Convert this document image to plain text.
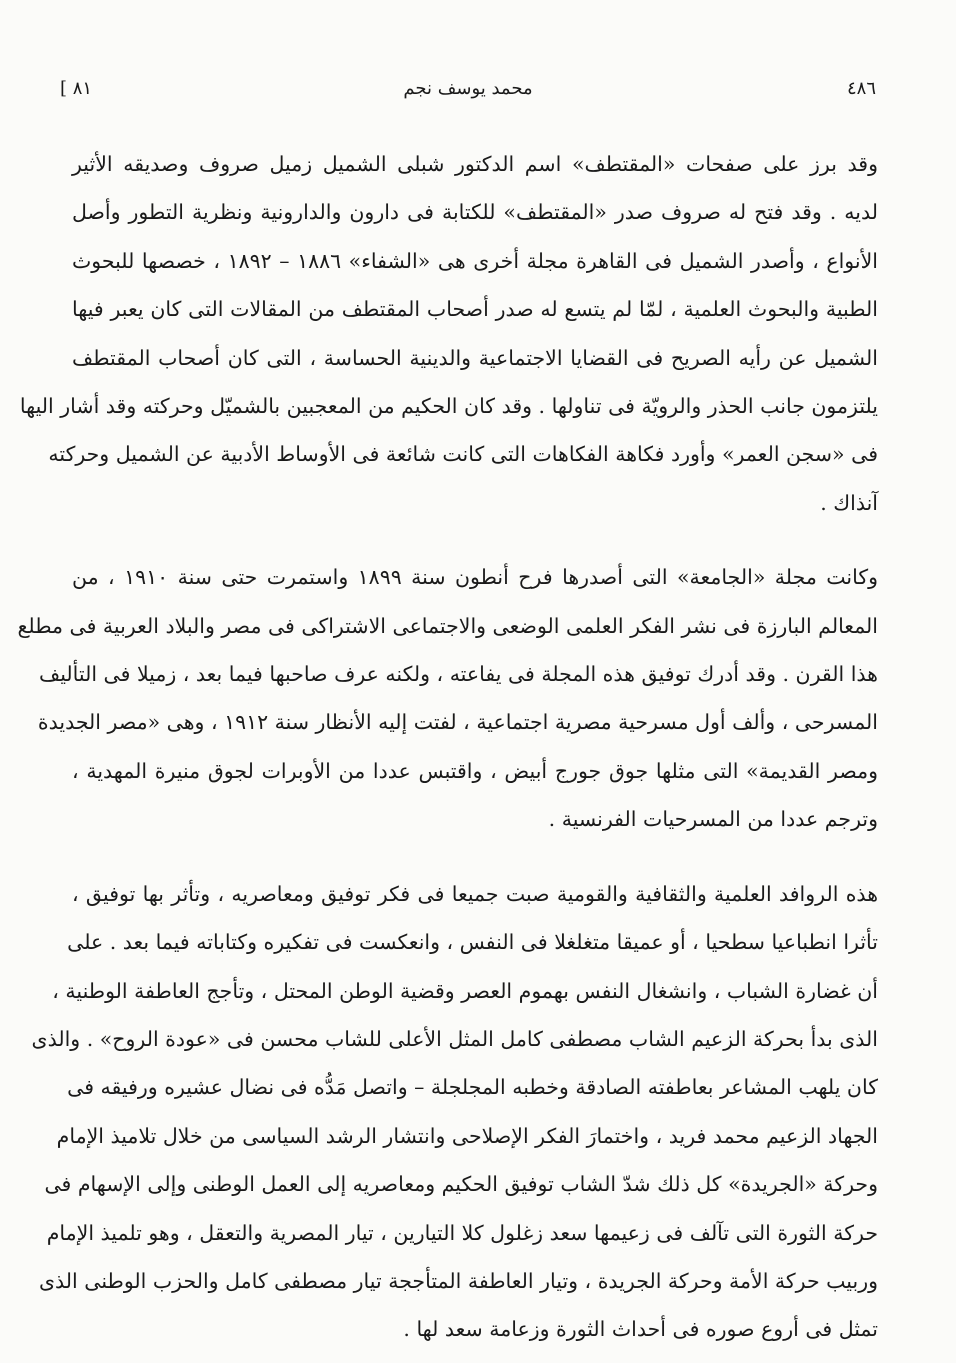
٤٨٦
محمد يوسف نجم
٨١ ]

وقد برز على صفحات «المقتطف» اسم الدكتور شبلى الشميل زميل صروف وصديقه الأثير
لديه . وقد فتح له صروف صدر «المقتطف» للكتابة فى دارون والدارونية ونظرية التطور وأصل
الأنواع ، وأصدر الشميل فى القاهرة مجلة أخرى هى «الشفاء» ١٨٨٦ – ١٨٩٢ ، خصصها للبحوث
الطبية والبحوث العلمية ، لمّا لم يتسع له صدر أصحاب المقتطف من المقالات التى كان يعبر فيها
الشميل عن رأيه الصريح فى القضايا الاجتماعية والدينية الحساسة ، التى كان أصحاب المقتطف
يلتزمون جانب الحذر والرويّة فى تناولها . وقد كان الحكيم من المعجبين بالشميّل وحركته وقد أشار اليها
فى «سجن العمر» وأورد فكاهة الفكاهات التى كانت شائعة فى الأوساط الأدبية عن الشميل وحركته
آنذاك .

وكانت مجلة «الجامعة» التى أصدرها فرح أنطون سنة ١٨٩٩ واستمرت حتى سنة ١٩١٠ ، من
المعالم البارزة فى نشر الفكر العلمى الوضعى والاجتماعى الاشتراكى فى مصر والبلاد العربية فى مطلع
هذا القرن . وقد أدرك توفيق هذه المجلة فى يفاعته ، ولكنه عرف صاحبها فيما بعد ، زميلا فى التأليف
المسرحى ، وألف أول مسرحية مصرية اجتماعية ، لفتت إليه الأنظار سنة ١٩١٢ ، وهى «مصر الجديدة
ومصر القديمة» التى مثلها جوق جورج أبيض ، واقتبس عددا من الأوبرات لجوق منيرة المهدية ،
وترجم عددا من المسرحيات الفرنسية .

هذه الروافد العلمية والثقافية والقومية صبت جميعا فى فكر توفيق ومعاصريه ، وتأثر بها توفيق ،
تأثرا انطباعيا سطحيا ، أو عميقا متغلغلا فى النفس ، وانعكست فى تفكيره وكتاباته فيما بعد . على
أن غضارة الشباب ، وانشغال النفس بهموم العصر وقضية الوطن المحتل ، وتأجج العاطفة الوطنية ،
الذى بدأ بحركة الزعيم الشاب مصطفى كامل المثل الأعلى للشاب محسن فى «عودة الروح» . والذى
كان يلهب المشاعر بعاطفته الصادقة وخطبه المجلجلة – واتصل مَدُّه فى نضال عشيره ورفيقه فى
الجهاد الزعيم محمد فريد ، واختمارَ الفكر الإصلاحى وانتشار الرشد السياسى من خلال تلاميذ الإمام
وحركة «الجريدة» كل ذلك شدّ الشاب توفيق الحكيم ومعاصريه إلى العمل الوطنى وإلى الإسهام فى
حركة الثورة التى تآلف فى زعيمها سعد زغلول كلا التيارين ، تيار المصرية والتعقل ، وهو تلميذ الإمام
وربيب حركة الأمة وحركة الجريدة ، وتيار العاطفة المتأججة تيار مصطفى كامل والحزب الوطنى الذى
تمثل فى أروع صوره فى أحداث الثورة وزعامة سعد لها .
